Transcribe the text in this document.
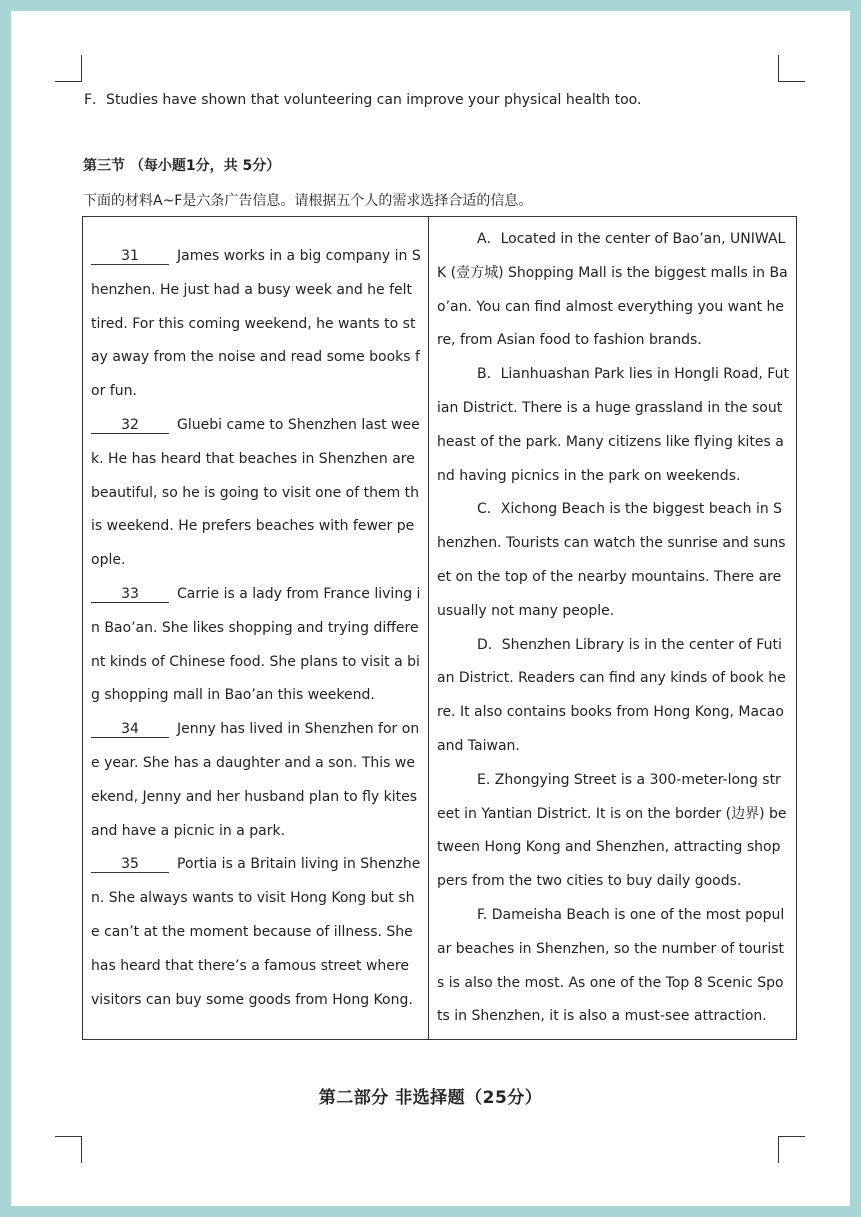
F．Studies have shown that volunteering can improve your physical health too.
第三节 （每小题1分，共 5分）
下面的材料A~F是六条广告信息。请根据五个人的需求选择合适的信息。

31	James works in a big company in Shenzhen. He just had a busy week and he felt tired. For this coming weekend, he wants to stay away from the noise and read some books for fun.

32	Gluebi came to Shenzhen last week. He has heard that beaches in Shenzhen are beautiful, so he is going to visit one of them this weekend. He prefers beaches with fewer people.

33	Carrie is a lady from France living in Bao’an. She likes shopping and trying different kinds of Chinese food. She plans to visit a big shopping mall in Bao’an this weekend.

34	Jenny has lived in Shenzhen for one year. She has a daughter and a son. This weekend, Jenny and her husband plan to fly kites and have a picnic in a park.

35	Portia is a Britain living in Shenzhen. She always wants to visit Hong Kong but she can’t at the moment because of illness. She has heard that there’s a famous street where visitors can buy some goods from Hong Kong.

A．Located in the center of Bao’an, UNIWALK (壹方城) Shopping Mall is the biggest malls in Bao’an. You can find almost everything you want here, from Asian food to fashion brands.

B．Lianhuashan Park lies in Hongli Road, Futian District. There is a huge grassland in the southeast of the park. Many citizens like flying kites and having picnics in the park on weekends.

C．Xichong Beach is the biggest beach in Shenzhen. Tourists can watch the sunrise and sunset on the top of the nearby mountains. There are usually not many people.

D．Shenzhen Library is in the center of Futian District. Readers can find any kinds of book here. It also contains books from Hong Kong, Macao and Taiwan.

E. Zhongying Street is a 300-meter-long street in Yantian District. It is on the border (边界) between Hong Kong and Shenzhen, attracting shoppers from the two cities to buy daily goods.

F. Dameisha Beach is one of the most popular beaches in Shenzhen, so the number of tourists is also the most. As one of the Top 8 Scenic Spots in Shenzhen, it is also a must-see attraction.

第二部分 非选择题（25分）
